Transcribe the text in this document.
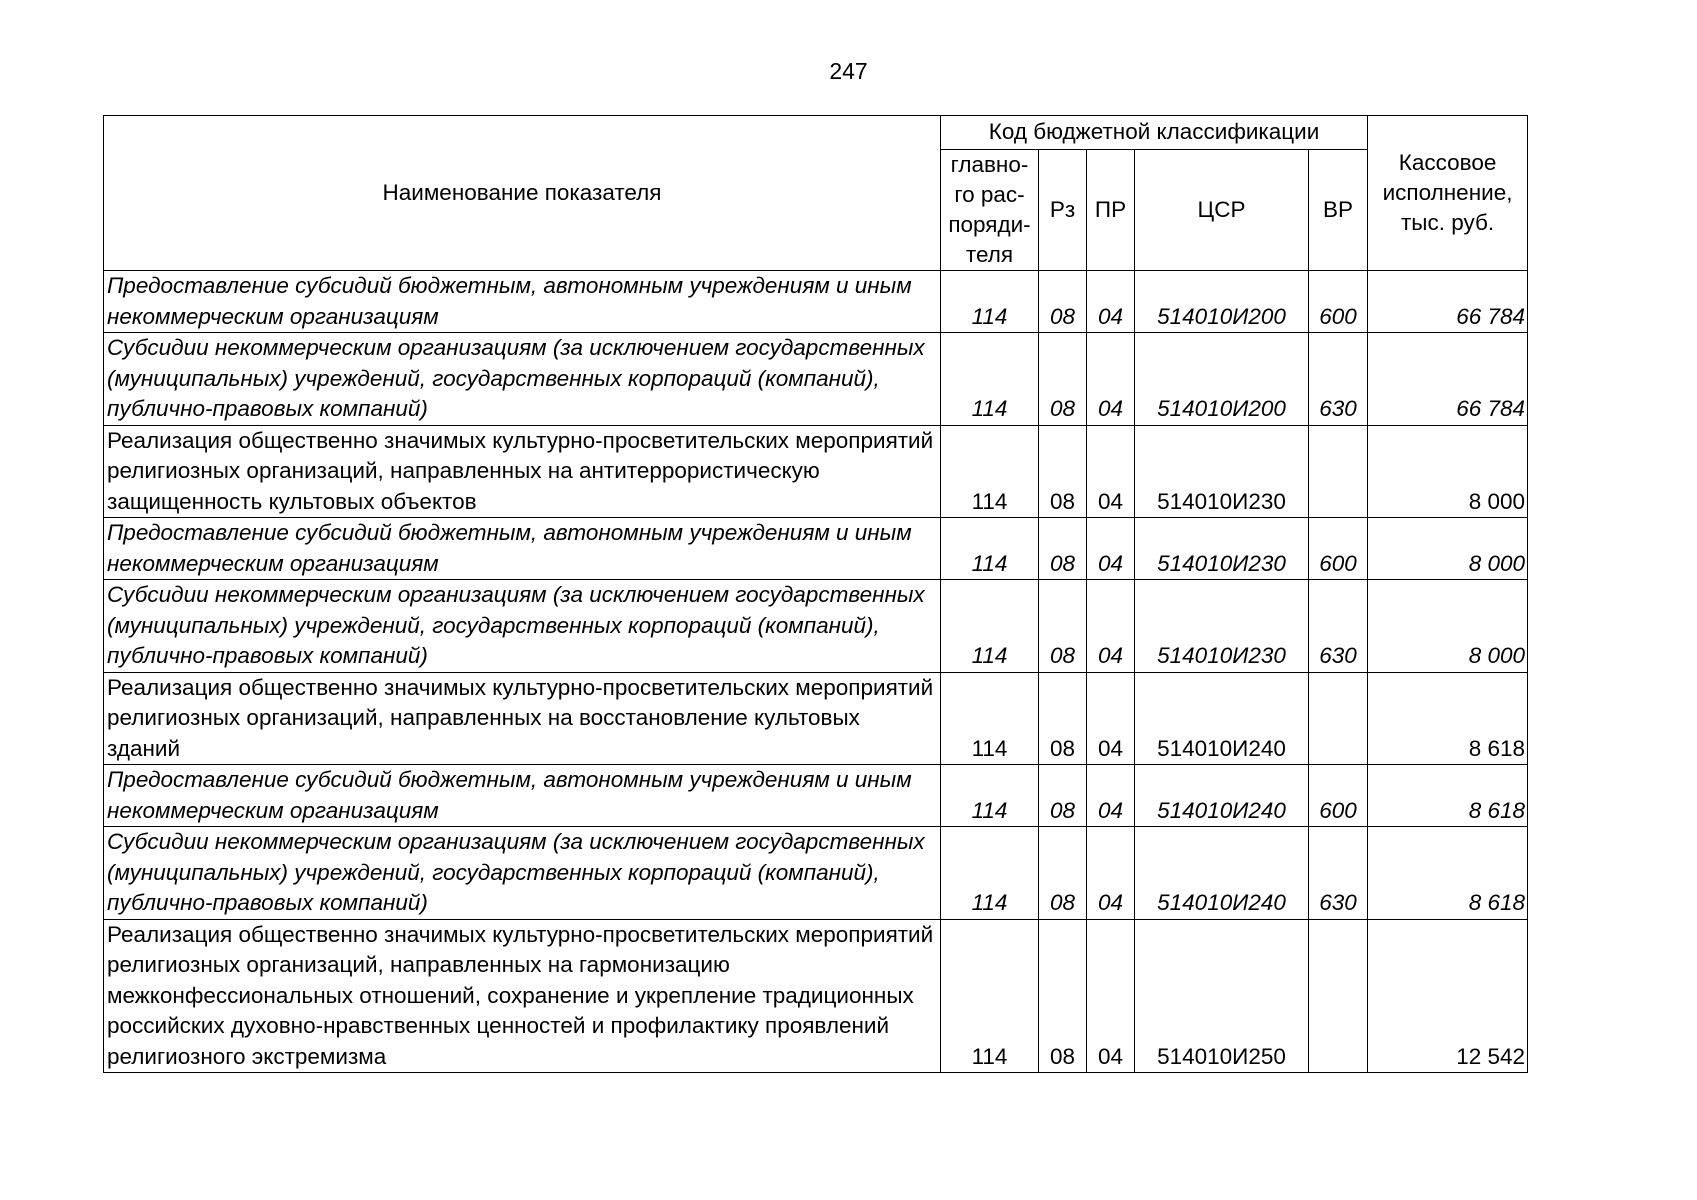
247
Наименование показателя	Код бюджетной классификации					Кассовое исполнение, тыс. руб.
	главно-го рас-поряди-теля	Рз	ПР	ЦСР	ВР	
Предоставление субсидий бюджетным, автономным учреждениям и иным некоммерческим организациям	114	08	04	514010И200	600	66 784
Субсидии некоммерческим организациям (за исключением государственных (муниципальных) учреждений, государственных корпораций (компаний), публично-правовых компаний)	114	08	04	514010И200	630	66 784
Реализация общественно значимых культурно-просветительских мероприятий религиозных организаций, направленных на антитеррористическую защищенность культовых объектов	114	08	04	514010И230		8 000
Предоставление субсидий бюджетным, автономным учреждениям и иным некоммерческим организациям	114	08	04	514010И230	600	8 000
Субсидии некоммерческим организациям (за исключением государственных (муниципальных) учреждений, государственных корпораций (компаний), публично-правовых компаний)	114	08	04	514010И230	630	8 000
Реализация общественно значимых культурно-просветительских мероприятий религиозных организаций, направленных на восстановление культовых зданий	114	08	04	514010И240		8 618
Предоставление субсидий бюджетным, автономным учреждениям и иным некоммерческим организациям	114	08	04	514010И240	600	8 618
Субсидии некоммерческим организациям (за исключением государственных (муниципальных) учреждений, государственных корпораций (компаний), публично-правовых компаний)	114	08	04	514010И240	630	8 618
Реализация общественно значимых культурно-просветительских мероприятий религиозных организаций, направленных на гармонизацию межконфессиональных отношений, сохранение и укрепление традиционных российских духовно-нравственных ценностей и профилактику проявлений религиозного экстремизма	114	08	04	514010И250		12 542
